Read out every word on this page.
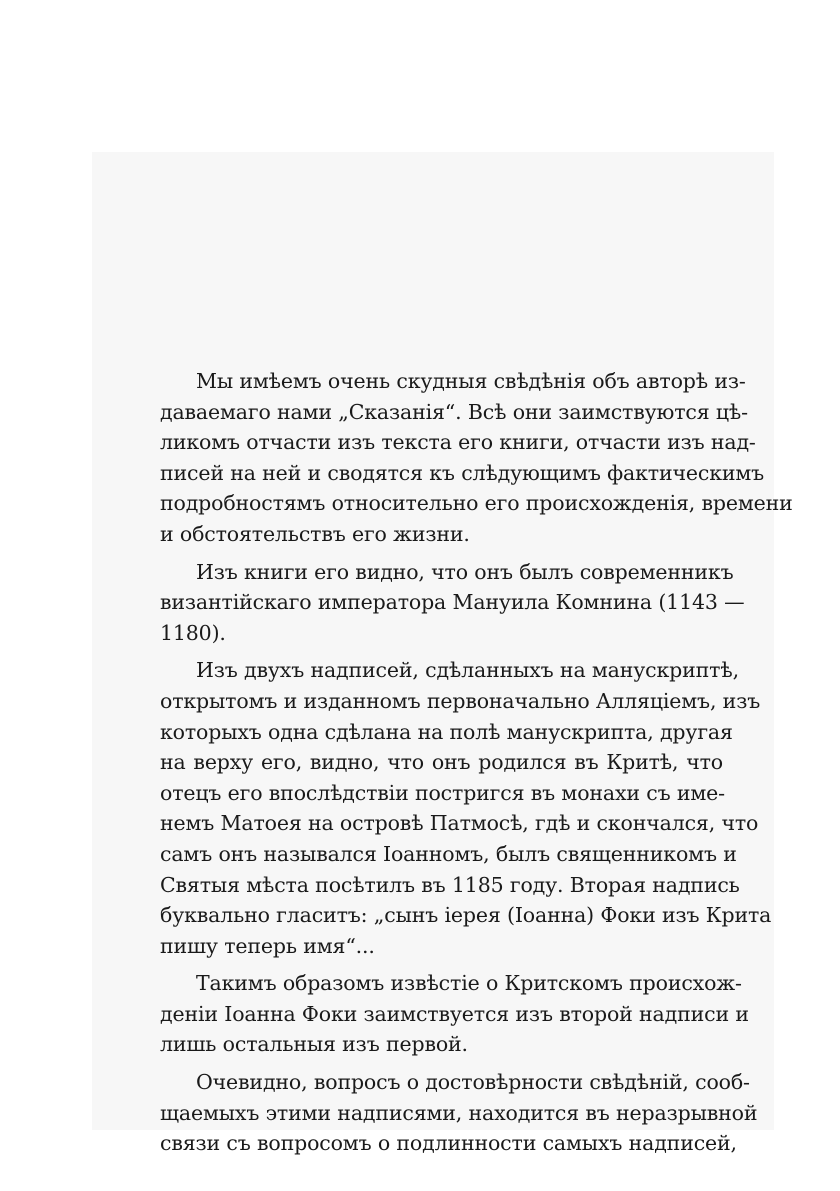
Мы имѣемъ очень скудныя свѣдѣнія объ авторѣ из-
даваемаго нами „Сказанія“. Всѣ они заимствуются цѣ-
ликомъ отчасти изъ текста его книги, отчасти изъ над-
писей на ней и сводятся къ слѣдующимъ фактическимъ
подробностямъ относительно его происхожденія, времени
и обстоятельствъ его жизни.
Изъ книги его видно, что онъ былъ современникъ
византійскаго императора Мануила Комнина (1143 —
1180).
Изъ двухъ надписей, сдѣланныхъ на манускриптѣ,
открытомъ и изданномъ первоначально Алляціемъ, изъ
которыхъ одна сдѣлана на полѣ манускрипта, другая
на верху его, видно, что онъ родился въ Критѣ, что
отецъ его впослѣдствіи постригся въ монахи съ име-
немъ Матоея на островѣ Патмосѣ, гдѣ и скончался, что
самъ онъ назывался Іоанномъ, былъ священникомъ и
Святыя мѣста посѣтилъ въ 1185 году. Вторая надпись
буквально гласитъ: „сынъ іерея (Іоанна) Фоки изъ Крита
пишу теперь имя“...
Такимъ образомъ извѣстіе о Критскомъ происхож-
деніи Іоанна Фоки заимствуется изъ второй надписи и
лишь остальныя изъ первой.
Очевидно, вопросъ о достовѣрности свѣдѣній, сооб-
щаемыхъ этими надписями, находится въ неразрывной
связи съ вопросомъ о подлинности самыхъ надписей,
